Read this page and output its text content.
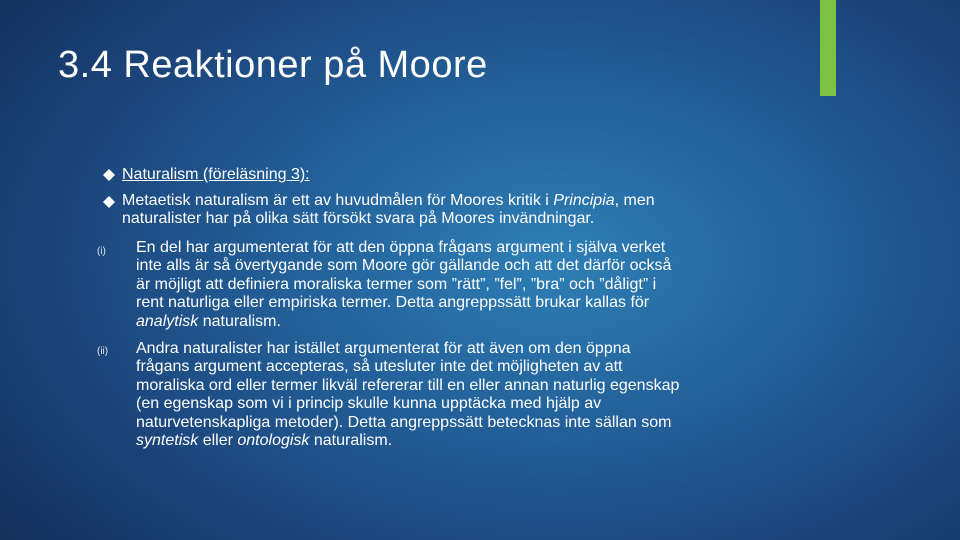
3.4 Reaktioner på Moore
Naturalism (föreläsning 3):
Metaetisk naturalism är ett av huvudmålen för Moores kritik i Principia, men
naturalister har på olika sätt försökt svara på Moores invändningar.
(i) En del har argumenterat för att den öppna frågans argument i själva verket

inte alls är så övertygande som Moore gör gällande och att det därför också

är möjligt att definiera moraliska termer som ”rätt”, ”fel”, ”bra” och ”dåligt” i

rent naturliga eller empiriska termer. Detta angreppssätt brukar kallas för

analytisk naturalism.

(ii) Andra naturalister har istället argumenterat för att även om den öppna

frågans argument accepteras, så utesluter inte det möjligheten av att

moraliska ord eller termer likväl refererar till en eller annan naturlig egenskap

(en egenskap som vi i princip skulle kunna upptäcka med hjälp av

naturvetenskapliga metoder). Detta angreppssätt betecknas inte sällan som

syntetisk eller ontologisk naturalism.
